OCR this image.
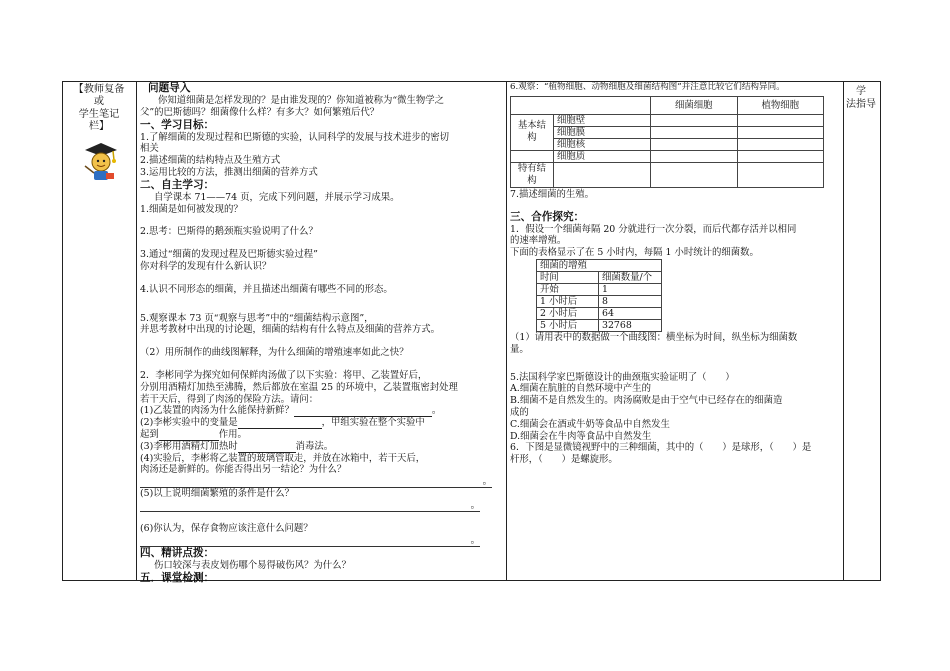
【教师复备

或

学生笔记

栏】

问题导入

你知道细菌是怎样发现的？是由谁发现的？你知道被称为“微生物学之

父”的巴斯德吗？细菌像什么样？有多大？如何繁殖后代？

一、学习目标：

1.了解细菌的发现过程和巴斯德的实验，认同科学的发展与技术进步的密切

相关

2.描述细菌的结构特点及生殖方式

3.运用比较的方法，推测出细菌的营养方式

二、自主学习：

自学课本 71——74 页，完成下列问题，并展示学习成果。

1.细菌是如何被发现的？

2.思考：巴斯得的鹅颈瓶实验说明了什么？

3.通过“细菌的发现过程及巴斯德实验过程”

你对科学的发现有什么新认识？

4.认识不同形态的细菌，并且描述出细菌有哪些不同的形态。

5.观察课本 73 页“观察与思考”中的“细菌结构示意图”，

并思考教材中出现的讨论题，细菌的结构有什么特点及细菌的营养方式。

（2）用所制作的曲线图解释，为什么细菌的增殖速率如此之快？

2．李彬同学为探究如何保鲜肉汤做了以下实验：将甲、乙装置好后，

分别用酒精灯加热至沸腾，然后都放在室温 25 的环境中，乙装置瓶密封处理

若干天后，得到了肉汤的保险方法。请问：

(1)乙装置的肉汤为什么能保持新鲜？	。

(2)李彬实验中的变量是	，甲组实验在整个实验中

起到	作用。

(3)李彬用酒精灯加热时	消毒法。

(4)实验后，李彬将乙装置的玻璃管取走，并放在冰箱中，若干天后，

肉汤还是新鲜的。你能否得出另一结论？为什么？

。

(5)以上说明细菌繁殖的条件是什么？

。

(6)你认为，保存食物应该注意什么问题？

。

四、精讲点拨：

伤口较深与表皮划伤哪个易得破伤风？为什么？

五．课堂检测：

6.观察：“植物细胞、动物细胞及细菌结构图”并注意比较它们结构异同。

		细菌细胞	植物细胞
基本结构	细胞壁		
	细胞膜		
	细胞核		
	细胞质		
特有结构			

7.描述细菌的生殖。

三、合作探究：

1．假设一个细菌每隔 20 分就进行一次分裂，而后代都存活并以相同

的速率增殖。

下面的表格显示了在 5 小时内，每隔 1 小时统计的细菌数。

细菌的增殖	
时间	细菌数量/个
开始	1
1 小时后	8
2 小时后	64
5 小时后	32768

（1）请用表中的数据做一个曲线图：横坐标为时间，纵坐标为细菌数

量。

5.法国科学家巴斯德设计的曲颈瓶实验证明了（　　）

A.细菌在肮脏的自然环境中产生的

B.细菌不是自然发生的。肉汤腐败是由于空气中已经存在的细菌造

成的

C.细菌会在酒或牛奶等食品中自然发生

D.细菌会在牛肉等食品中自然发生

6．下图是显微镜视野中的三种细菌，其中的（　　）是球形，（　　）是

杆形，（　　）是螺旋形。

学

法指导
